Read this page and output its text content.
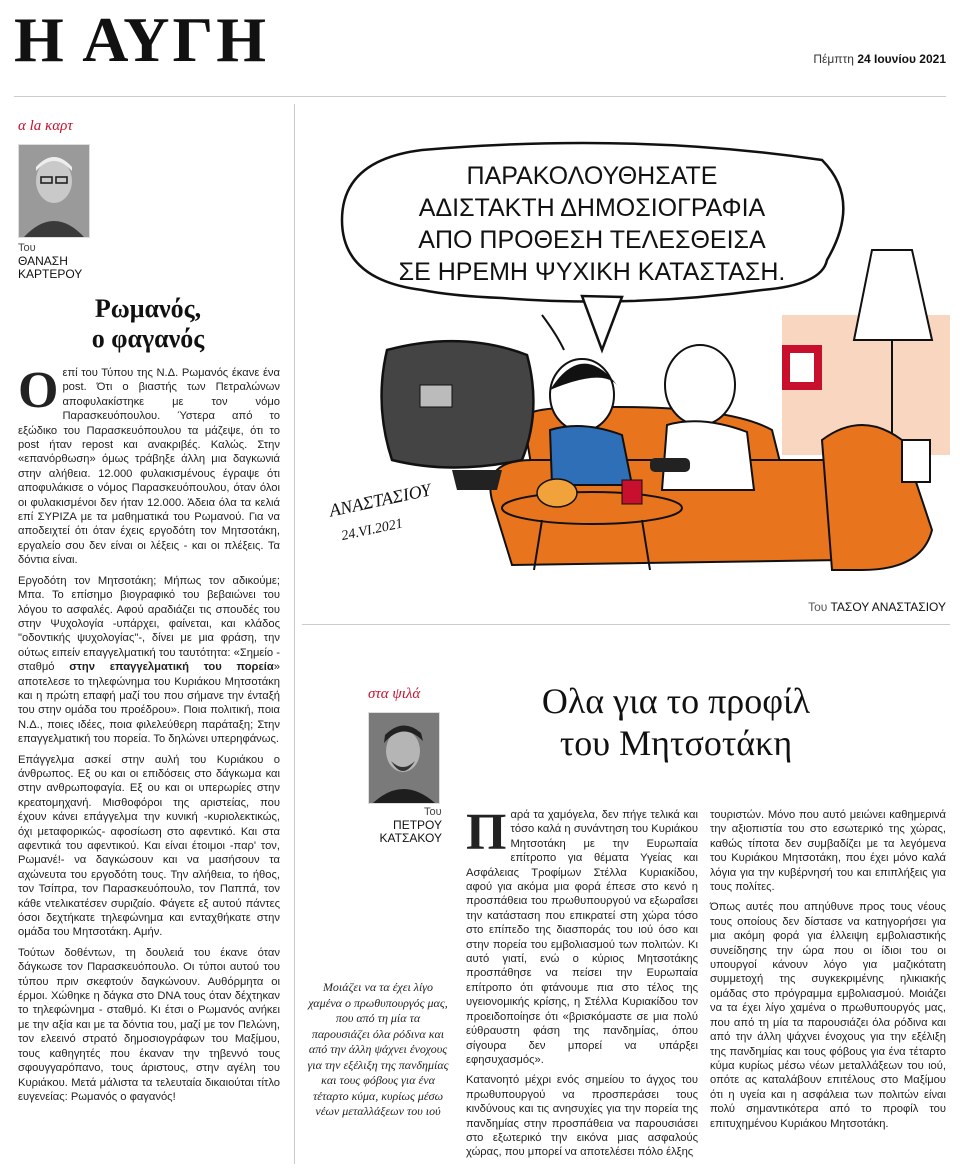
Η ΑΥΓΗ	Πέμπτη 24 Ιουνίου 2021
α la καρτ
Του
ΘΑΝΑΣΗ ΚΑΡΤΕΡΟΥ
Ρωμανός,
ο φαγανός

Οεπί του Τύπου της Ν.Δ. Ρωμανός έκανε ένα post. Ότι ο βιαστής των Πετραλώνων αποφυλακίστηκε με τον νόμο Παρασκευόπουλου. Ύστερα από το εξώδικο του Παρασκευόπουλου τα μάζεψε, ότι το post ήταν repost και ανακριβές. Καλώς. Στην «επανόρθωση» όμως τράβηξε άλλη μια δαγκωνιά στην αλήθεια. 12.000 φυλακισμένους έγραψε ότι αποφυλάκισε ο νόμος Παρασκευόπουλου, όταν όλοι οι φυλακισμένοι δεν ήταν 12.000. Άδεια όλα τα κελιά επί ΣΥΡΙΖΑ με τα μαθηματικά του Ρωμανού. Για να αποδειχτεί ότι όταν έχεις εργοδότη τον Μητσοτάκη, εργαλείο σου δεν είναι οι λέξεις - και οι πλέξεις. Τα δόντια είναι.

Εργοδότη τον Μητσοτάκη; Μήπως τον αδικούμε; Μπα. Το επίσημο βιογραφικό του βεβαιώνει του λόγου το ασφαλές. Αφού αραδιάζει τις σπουδές του στην Ψυχολογία -υπάρχει, φαίνεται, και κλάδος "οδοντικής ψυχολογίας"-, δίνει με μια φράση, την ούτως ειπείν επαγγελματική του ταυτότητα: «Σημείο - σταθμό στην επαγγελματική του πορεία» αποτελεσε το τηλεφώνημα του Κυριάκου Μητσοτάκη και η πρώτη επαφή μαζί του που σήμανε την ένταξή του στην ομάδα του προέδρου». Ποια πολιτική, ποια Ν.Δ., ποιες ιδέες, ποια φιλελεύθερη παράταξη; Στην επαγγελματική του πορεία. Το δηλώνει υπερηφάνως.

Επάγγελμα ασκεί στην αυλή του Κυριάκου ο άνθρωπος. Εξ ου και οι επιδόσεις στο δάγκωμα και στην ανθρωποφαγία. Εξ ου και οι υπερωρίες στην κρεατομηχανή. Μισθοφόροι της αριστείας, που έχουν κάνει επάγγελμα την κυνική -κυριολεκτικώς, όχι μεταφορικώς- αφοσίωση στο αφεντικό. Και στα αφεντικά του αφεντικού. Και είναι έτοιμοι -παρ' τον, Ρωμανέ!- να δαγκώσουν και να μασήσουν τα αχώνευτα του εργοδότη τους. Την αλήθεια, το ήθος, τον Τσίπρα, τον Παρασκευόπουλο, τον Παππά, τον κάθε ντελικατέσεν συριζαίο. Φάγετε εξ αυτού πάντες όσοι δεχτήκατε τηλεφώνημα και ενταχθήκατε στην ομάδα του Μητσοτάκη. Αμήν.

Τούτων δοθέντων, τη δουλειά του έκανε όταν δάγκωσε τον Παρασκευόπουλο. Οι τύποι αυτού του τύπου πριν σκεφτούν δαγκώνουν. Αυθόρμητα οι έρμοι. Χώθηκε η δάγκα στο DNA τους όταν δέχτηκαν το τηλεφώνημα - σταθμό. Κι έτσι ο Ρωμανός ανήκει με την αξία και με τα δόντια του, μαζί με τον Πελώνη, τον ελεεινό στρατό δημοσιογράφων του Μαξίμου, τους καθηγητές που έκαναν την τηβεννό τους σφουγγαρόπανο, τους άριστους, στην αγέλη του Κυριάκου. Μετά μάλιστα τα τελευταία δικαιούται τίτλο ευγενείας: Ρωμανός ο φαγανός!

ΠΑΡΑΚΟΛΟΥΘΗΣΑΤΕ
ΑΔΙΣΤΑΚΤΗ ΔΗΜΟΣΙΟΓΡΑΦΙΑ
ΑΠΟ ΠΡΟΘΕΣΗ ΤΕΛΕΣΘΕΙΣΑ
ΣΕ ΗΡΕΜΗ ΨΥΧΙΚΗ ΚΑΤΑΣΤΑΣΗ.
ΑΝΑΣΤΑΣΙΟΥ
24.VI.2021
Του ΤΑΣΟΥ ΑΝΑΣΤΑΣΙΟΥ
στα ψιλά
Του
ΠΕΤΡΟΥ ΚΑΤΣΑΚΟΥ
Ολα για το προφίλ
του Μητσοτάκη
Μοιάζει να τα έχει λίγο χαμένα ο πρωθυπουργός μας, που από τη μία τα παρουσιάζει όλα ρόδινα και από την άλλη ψάχνει ένοχους για την εξέλιξη της πανδημίας και τους φόβους για ένα τέταρτο κύμα, κυρίως μέσω νέων μεταλλάξεων του ιού

Παρά τα χαμόγελα, δεν πήγε τελικά και τόσο καλά η συνάντηση του Κυριάκου Μητσοτάκη με την Ευρωπαία επίτροπο για θέματα Υγείας και Ασφάλειας Τροφίμων Στέλλα Κυριακίδου, αφού για ακόμα μια φορά έπεσε στο κενό η προσπάθεια του πρωθυπουργού να εξωραΐσει την κατάσταση που επικρατεί στη χώρα τόσο στο επίπεδο της διασποράς του ιού όσο και στην πορεία του εμβολιασμού των πολιτών. Κι αυτό γιατί, ενώ ο κύριος Μητσοτάκης προσπάθησε να πείσει την Ευρωπαία επίτροπο ότι φτάνουμε πια στο τέλος της υγειονομικής κρίσης, η Στέλλα Κυριακίδου τον προειδοποίησε ότι «βρισκόμαστε σε μια πολύ εύθραυστη φάση της πανδημίας, όπου σίγουρα δεν μπορεί να υπάρξει εφησυχασμός».

Κατανοητό μέχρι ενός σημείου το άγχος του πρωθυπουργού να προσπεράσει τους κινδύνους και τις ανησυχίες για την πορεία της πανδημίας στην προσπάθεια να παρουσιάσει στο εξωτερικό την εικόνα μιας ασφαλούς χώρας, που μπορεί να αποτελέσει πόλο έλξης

τουριστών. Μόνο που αυτό μειώνει καθημερινά την αξιοπιστία του στο εσωτερικό της χώρας, καθώς τίποτα δεν συμβαδίζει με τα λεγόμενα του Κυριάκου Μητσοτάκη, που έχει μόνο καλά λόγια για την κυβέρνησή του και επιπλήξεις για τους πολίτες.

Όπως αυτές που απηύθυνε προς τους νέους τους οποίους δεν δίστασε να κατηγορήσει για μια ακόμη φορά για έλλειψη εμβολιαστικής συνείδησης την ώρα που οι ίδιοι του οι υπουργοί κάνουν λόγο για μαζικότατη συμμετοχή της συγκεκριμένης ηλικιακής ομάδας στο πρόγραμμα εμβολιασμού. Μοιάζει να τα έχει λίγο χαμένα ο πρωθυπουργός μας, που από τη μία τα παρουσιάζει όλα ρόδινα και από την άλλη ψάχνει ένοχους για την εξέλιξη της πανδημίας και τους φόβους για ένα τέταρτο κύμα κυρίως μέσω νέων μεταλλάξεων του ιού, οπότε ας καταλάβουν επιτέλους στο Μαξίμου ότι η υγεία και η ασφάλεια των πολιτών είναι πολύ σημαντικότερα από το προφίλ του επιτυχημένου Κυριάκου Μητσοτάκη.
